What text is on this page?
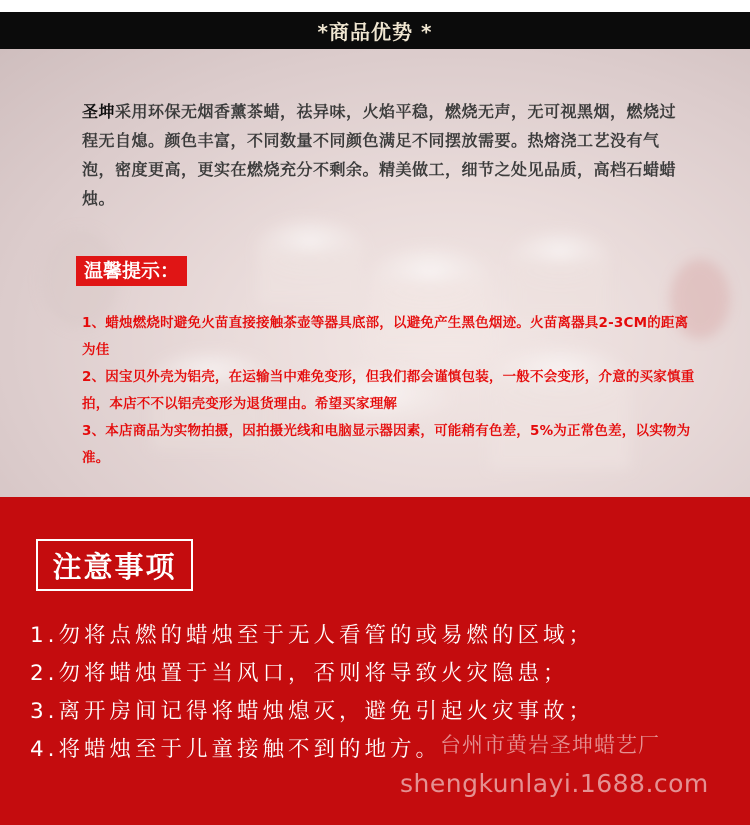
*商品优势 *
圣坤采用环保无烟香薰茶蜡，祛异味，火焰平稳，燃烧无声，无可视黑烟，燃烧过程无自熄。颜色丰富，不同数量不同颜色满足不同摆放需要。热熔浇工艺没有气泡，密度更高，更实在燃烧充分不剩余。精美做工，细节之处见品质，高档石蜡蜡烛。
温馨提示：
1、蜡烛燃烧时避免火苗直接接触茶壶等器具底部，以避免产生黑色烟迹。火苗离器具2-3CM的距离为佳
2、因宝贝外壳为铝壳，在运输当中难免变形，但我们都会谨慎包装，一般不会变形，介意的买家慎重拍，本店不不以铝壳变形为退货理由。希望买家理解
3、本店商品为实物拍摄，因拍摄光线和电脑显示器因素，可能稍有色差，5%为正常色差，以实物为准。
注意事项
1.勿将点燃的蜡烛至于无人看管的或易燃的区域；
2.勿将蜡烛置于当风口，否则将导致火灾隐患；
3.离开房间记得将蜡烛熄灭，避免引起火灾事故；
4.将蜡烛至于儿童接触不到的地方。
台州市黄岩圣坤蜡艺厂
shengkunlayi.1688.com
